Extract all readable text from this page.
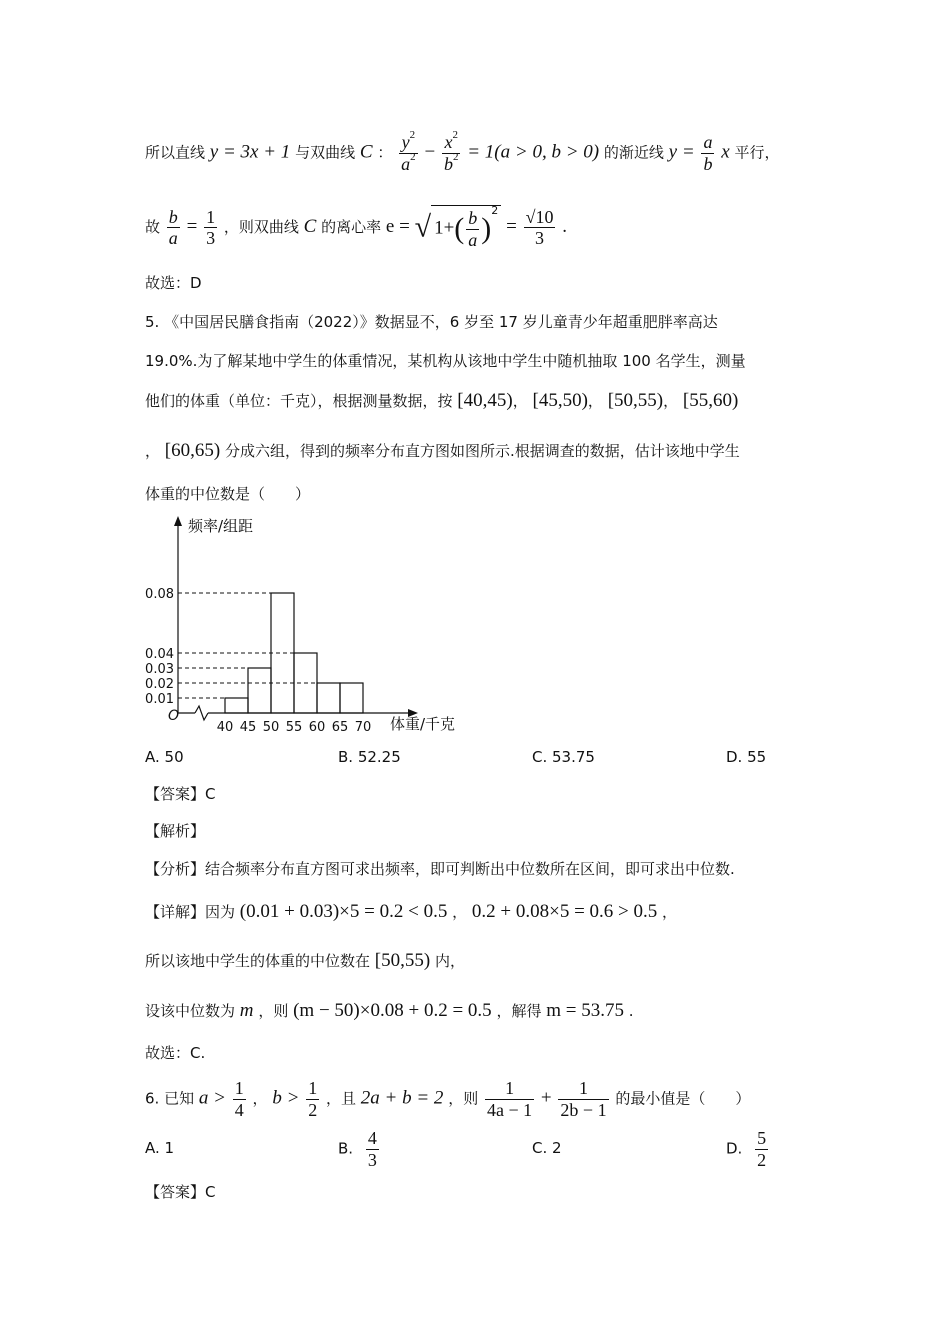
所以直线 y = 3x + 1 与双曲线 C ： $\frac{y^2}{a^2} - \frac{x^2}{b^2} = 1(a > 0$, b > 0) 的渐近线 $y = \frac{a}{b}$ x 平行，
故 $\frac{b}{a} = \frac{1}{3}$ ，则双曲线 C 的离心率 e = √ $1+( \frac{b}{a} )^2 = \frac{√10}{3}$ .
故选：D
5. 《中国居民膳食指南（2022）》数据显不，6 岁至 17 岁儿童青少年超重肥胖率高达
19.0%.为了解某地中学生的体重情况，某机构从该地中学生中随机抽取 100 名学生，测量
他们的体重（单位：千克），根据测量数据，按 [40,45)， [45,50)， [50,55)， [55,60)
， [60,65) 分成六组，得到的频率分布直方图如图所示.根据调查的数据，估计该地中学生
体重的中位数是（　　）
频率/组距
O	体重/千克
0.01
0.02
0.03
0.04
0.08
40 45 50 55 60 65 70
A. 50	B. 52.25	C. 53.75	D. 55
【答案】C
【解析】
【分析】结合频率分布直方图可求出频率，即可判断出中位数所在区间，即可求出中位数.
【详解】因为 (0.01 + 0.03)×5 = 0.2 < 0.5 ， 0.2 + 0.08×5 = 0.6 > 0.5 ，
所以该地中学生的体重的中位数在 [50,55) 内，
设该中位数为 m ，则 (m − 50)×0.08 + 0.2 = 0.5 ，解得 m = 53.75 .
故选：C.
6. 已知 $a > \frac{1}{4}$ ， $b > \frac{1}{2}$ ，且 2a + b = 2 ，则 $\frac{1}{4a - 1} + \frac{1}{2b - 1}$ 的最小值是（　　）
A. 1	B. $\frac{4}{3}$	C. 2	D. $\frac{5}{2}$
【答案】C
